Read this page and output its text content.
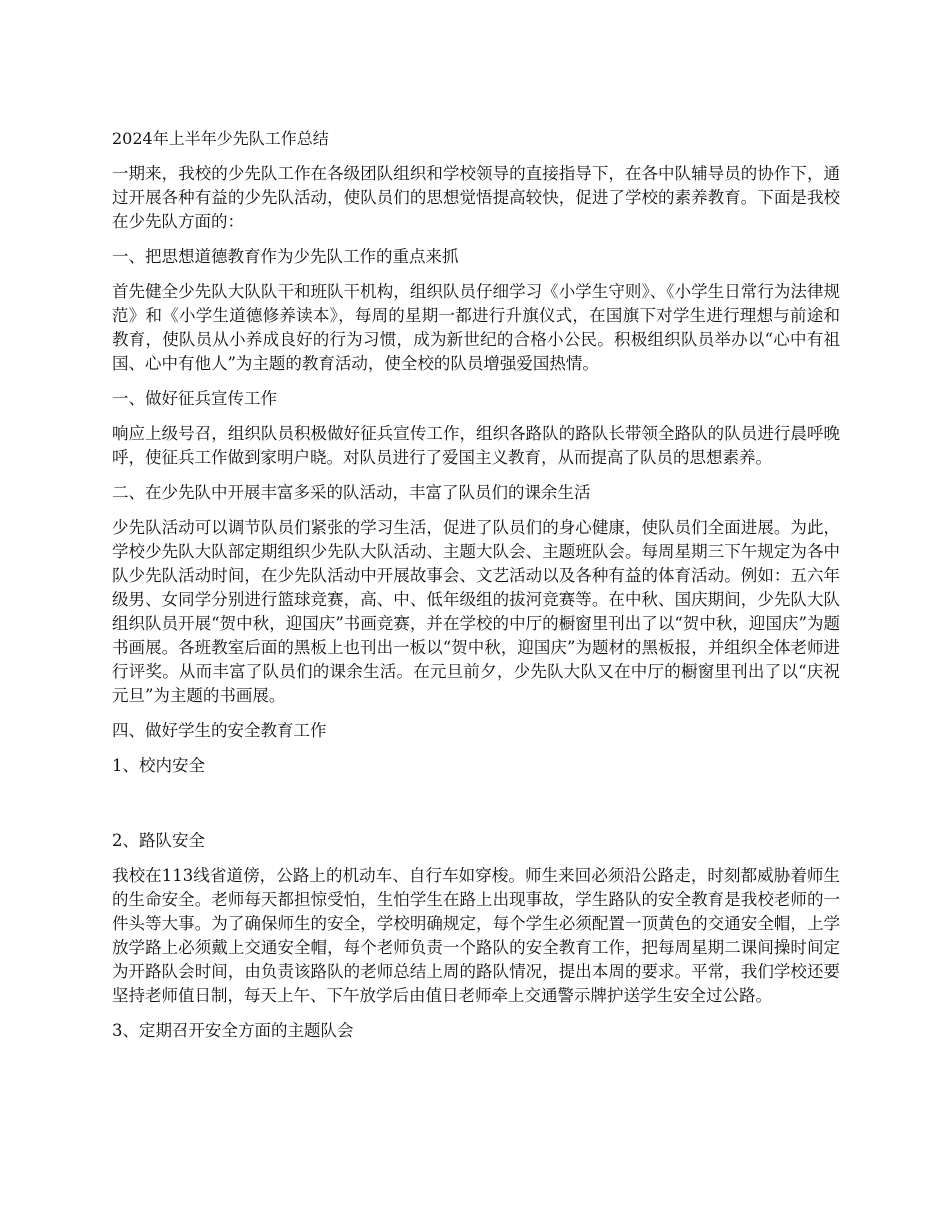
2024年上半年少先队工作总结

一期来，我校的少先队工作在各级团队组织和学校领导的直接指导下，在各中队辅导员的协作下，通过开展各种有益的少先队活动，使队员们的思想觉悟提高较快，促进了学校的素养教育。下面是我校在少先队方面的：

一、把思想道德教育作为少先队工作的重点来抓

首先健全少先队大队队干和班队干机构，组织队员仔细学习《小学生守则》、《小学生日常行为法律规范》和《小学生道德修养读本》，每周的星期一都进行升旗仪式，在国旗下对学生进行理想与前途和教育，使队员从小养成良好的行为习惯，成为新世纪的合格小公民。积极组织队员举办以“心中有祖国、心中有他人”为主题的教育活动，使全校的队员增强爱国热情。

一、做好征兵宣传工作

响应上级号召，组织队员积极做好征兵宣传工作，组织各路队的路队长带领全路队的队员进行晨呼晚呼，使征兵工作做到家明户晓。对队员进行了爱国主义教育，从而提高了队员的思想素养。

二、在少先队中开展丰富多采的队活动，丰富了队员们的课余生活

少先队活动可以调节队员们紧张的学习生活，促进了队员们的身心健康，使队员们全面进展。为此，学校少先队大队部定期组织少先队大队活动、主题大队会、主题班队会。每周星期三下午规定为各中队少先队活动时间，在少先队活动中开展故事会、文艺活动以及各种有益的体育活动。例如：五六年级男、女同学分别进行篮球竞赛，高、中、低年级组的拔河竞赛等。在中秋、国庆期间，少先队大队组织队员开展“贺中秋，迎国庆”书画竞赛，并在学校的中厅的橱窗里刊出了以“贺中秋，迎国庆”为题书画展。各班教室后面的黑板上也刊出一板以“贺中秋，迎国庆”为题材的黑板报，并组织全体老师进行评奖。从而丰富了队员们的课余生活。在元旦前夕，少先队大队又在中厅的橱窗里刊出了以“庆祝元旦”为主题的书画展。

四、做好学生的安全教育工作

1、校内安全

2、路队安全

我校在113线省道傍，公路上的机动车、自行车如穿梭。师生来回必须沿公路走，时刻都威胁着师生的生命安全。老师每天都担惊受怕，生怕学生在路上出现事故，学生路队的安全教育是我校老师的一件头等大事。为了确保师生的安全，学校明确规定，每个学生必须配置一顶黄色的交通安全帽，上学放学路上必须戴上交通安全帽，每个老师负责一个路队的安全教育工作，把每周星期二课间操时间定为开路队会时间，由负责该路队的老师总结上周的路队情况，提出本周的要求。平常，我们学校还要坚持老师值日制，每天上午、下午放学后由值日老师牵上交通警示牌护送学生安全过公路。

3、定期召开安全方面的主题队会
